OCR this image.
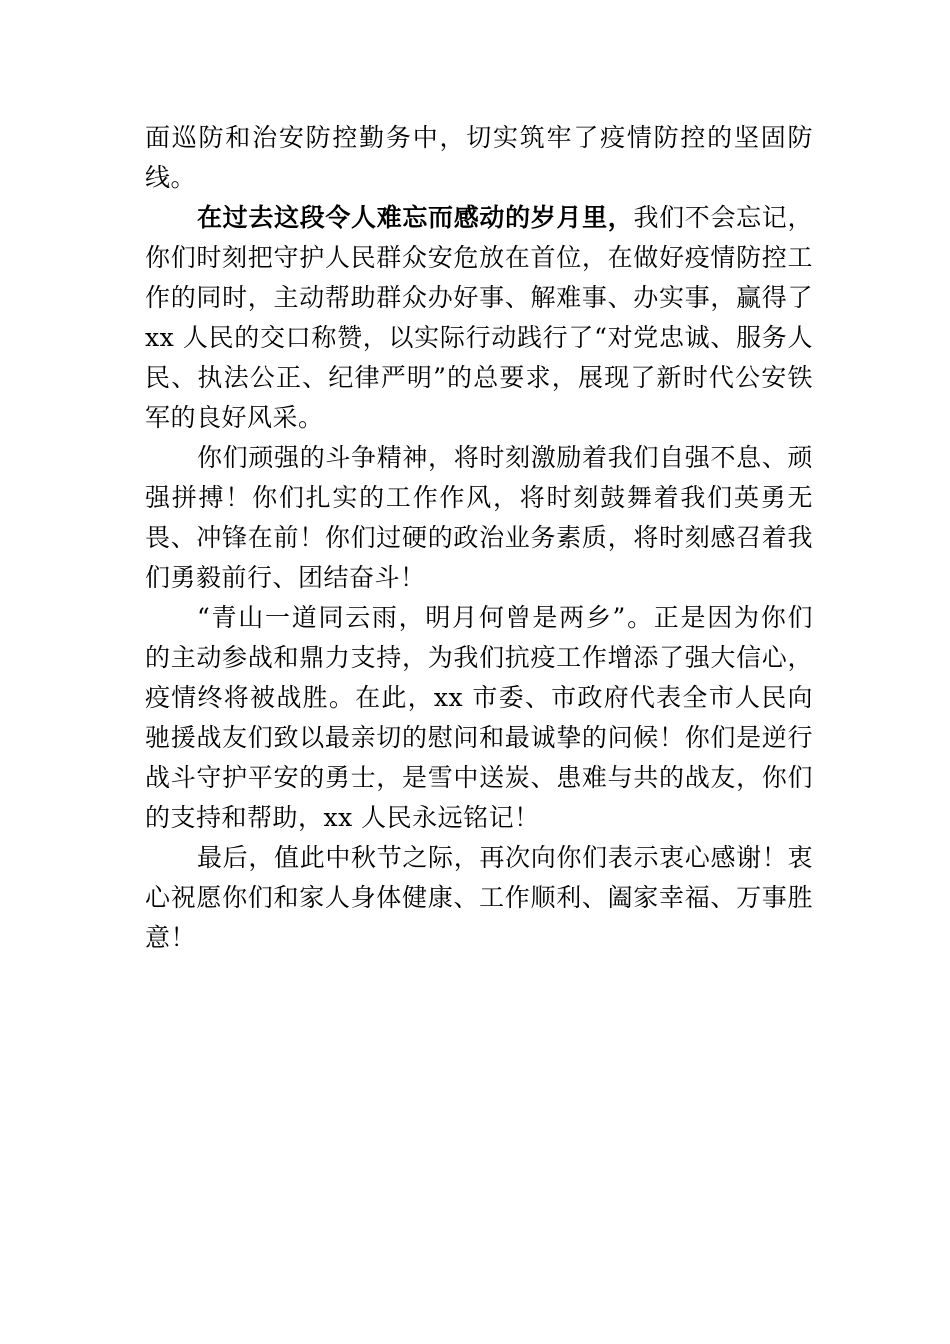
面巡防和治安防控勤务中，切实筑牢了疫情防控的坚固防线。

在过去这段令人难忘而感动的岁月里，我们不会忘记，你们时刻把守护人民群众安危放在首位，在做好疫情防控工作的同时，主动帮助群众办好事、解难事、办实事，赢得了 xx 人民的交口称赞，以实际行动践行了“对党忠诚、服务人民、执法公正、纪律严明”的总要求，展现了新时代公安铁军的良好风采。

你们顽强的斗争精神，将时刻激励着我们自强不息、顽强拼搏！你们扎实的工作作风，将时刻鼓舞着我们英勇无畏、冲锋在前！你们过硬的政治业务素质，将时刻感召着我们勇毅前行、团结奋斗！

“青山一道同云雨，明月何曾是两乡”。正是因为你们 的主动参战和鼎力支持，为我们抗疫工作增添了强大信心，疫情终将被战胜。在此，xx 市委、市政府代表全市人民向驰援战友们致以最亲切的慰问和最诚挚的问候！你们是逆行战斗守护平安的勇士，是雪中送炭、患难与共的战友，你们的支持和帮助，xx 人民永远铭记！

最后，值此中秋节之际，再次向你们表示衷心感谢！衷心祝愿你们和家人身体健康、工作顺利、阖家幸福、万事胜意！
